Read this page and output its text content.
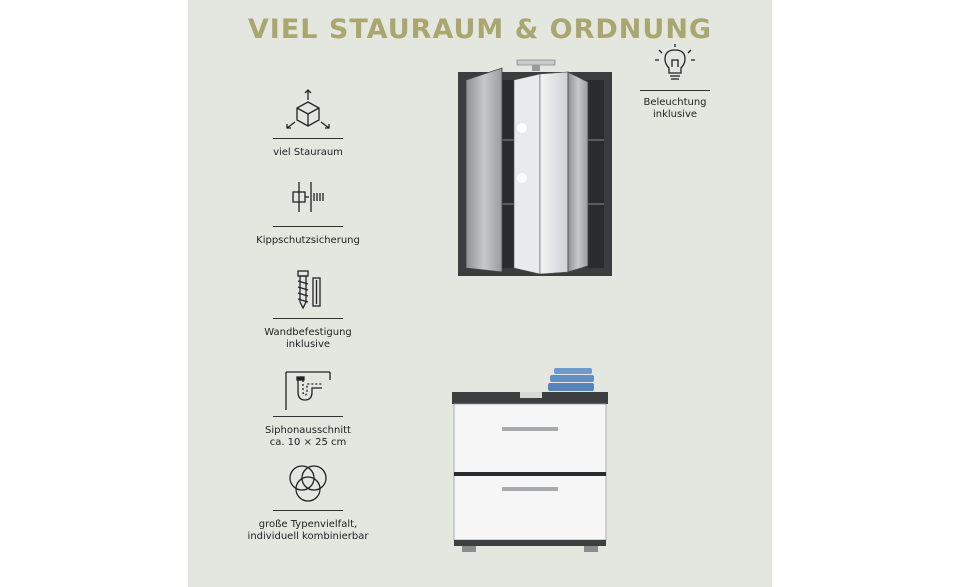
VIEL STAURAUM & ORDNUNG
viel Stauraum
Kippschutzsicherung
Wandbefestigung
inklusive
Siphonausschnitt
ca. 10 × 25 cm
große Typenvielfalt,
individuell kombinierbar
Beleuchtung
inklusive
